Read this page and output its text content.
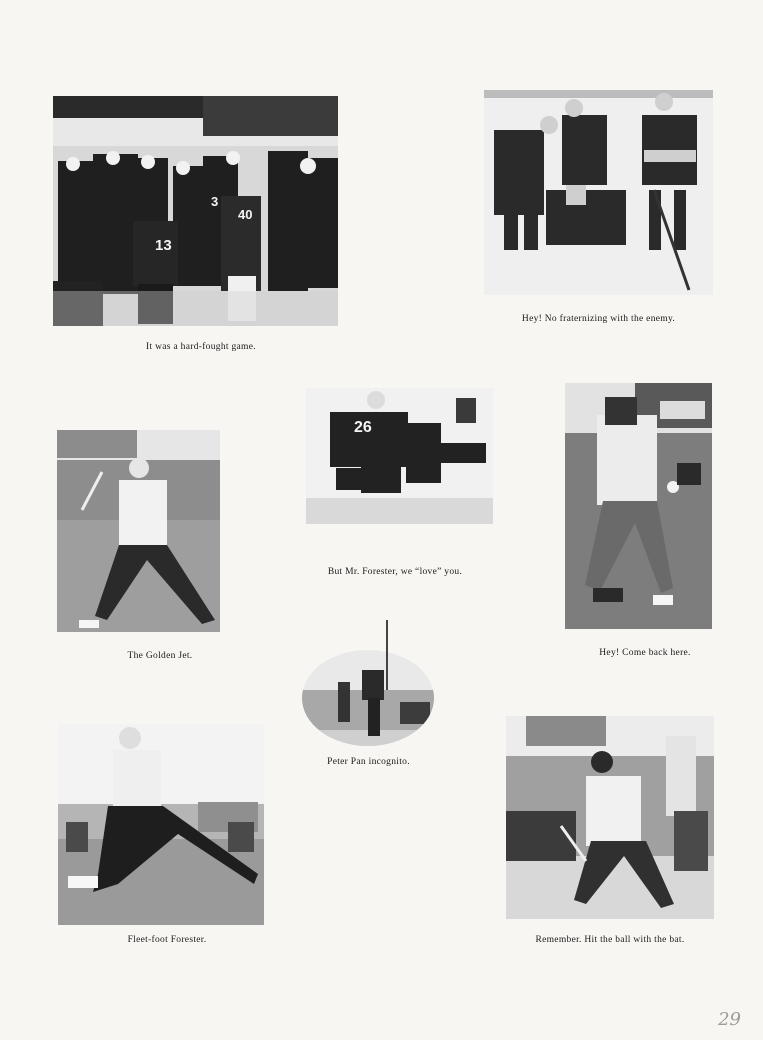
13
3
40
It was a hard-fought game.
Hey! No fraternizing with the enemy.
26
But Mr. Forester, we “love” you.
The Golden Jet.	Hey! Come back here.
Peter Pan incognito.
Fleet-foot Forester.	Remember. Hit the ball with the bat.
29
